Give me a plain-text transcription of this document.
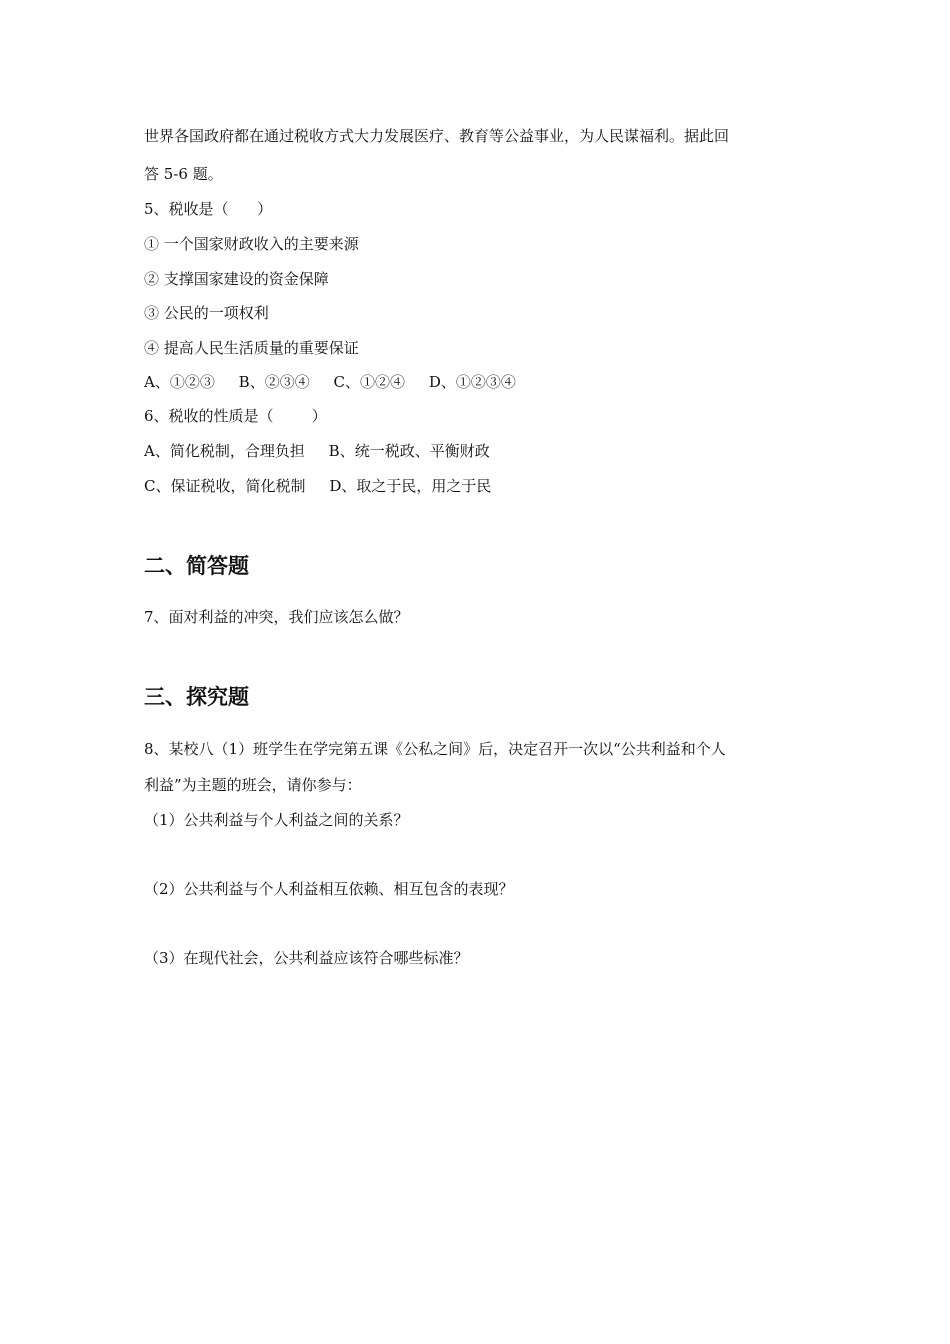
世界各国政府都在通过税收方式大力发展医疗、教育等公益事业，为人民谋福利。据此回
答 5-6 题。
5、税收是（      ）
① 一个国家财政收入的主要来源
② 支撑国家建设的资金保障
③ 公民的一项权利
④ 提高人民生活质量的重要保证
A、①②③     B、②③④     C、①②④     D、①②③④
6、税收的性质是（        ）
A、简化税制，合理负担     B、统一税政、平衡财政
C、保证税收，简化税制     D、取之于民，用之于民
二、简答题
7、面对利益的冲突，我们应该怎么做？
三、探究题
8、某校八（1）班学生在学完第五课《公私之间》后，决定召开一次以“公共利益和个人
利益”为主题的班会，请你参与：
（1）公共利益与个人利益之间的关系？
（2）公共利益与个人利益相互依赖、相互包含的表现？
（3）在现代社会，公共利益应该符合哪些标准？
